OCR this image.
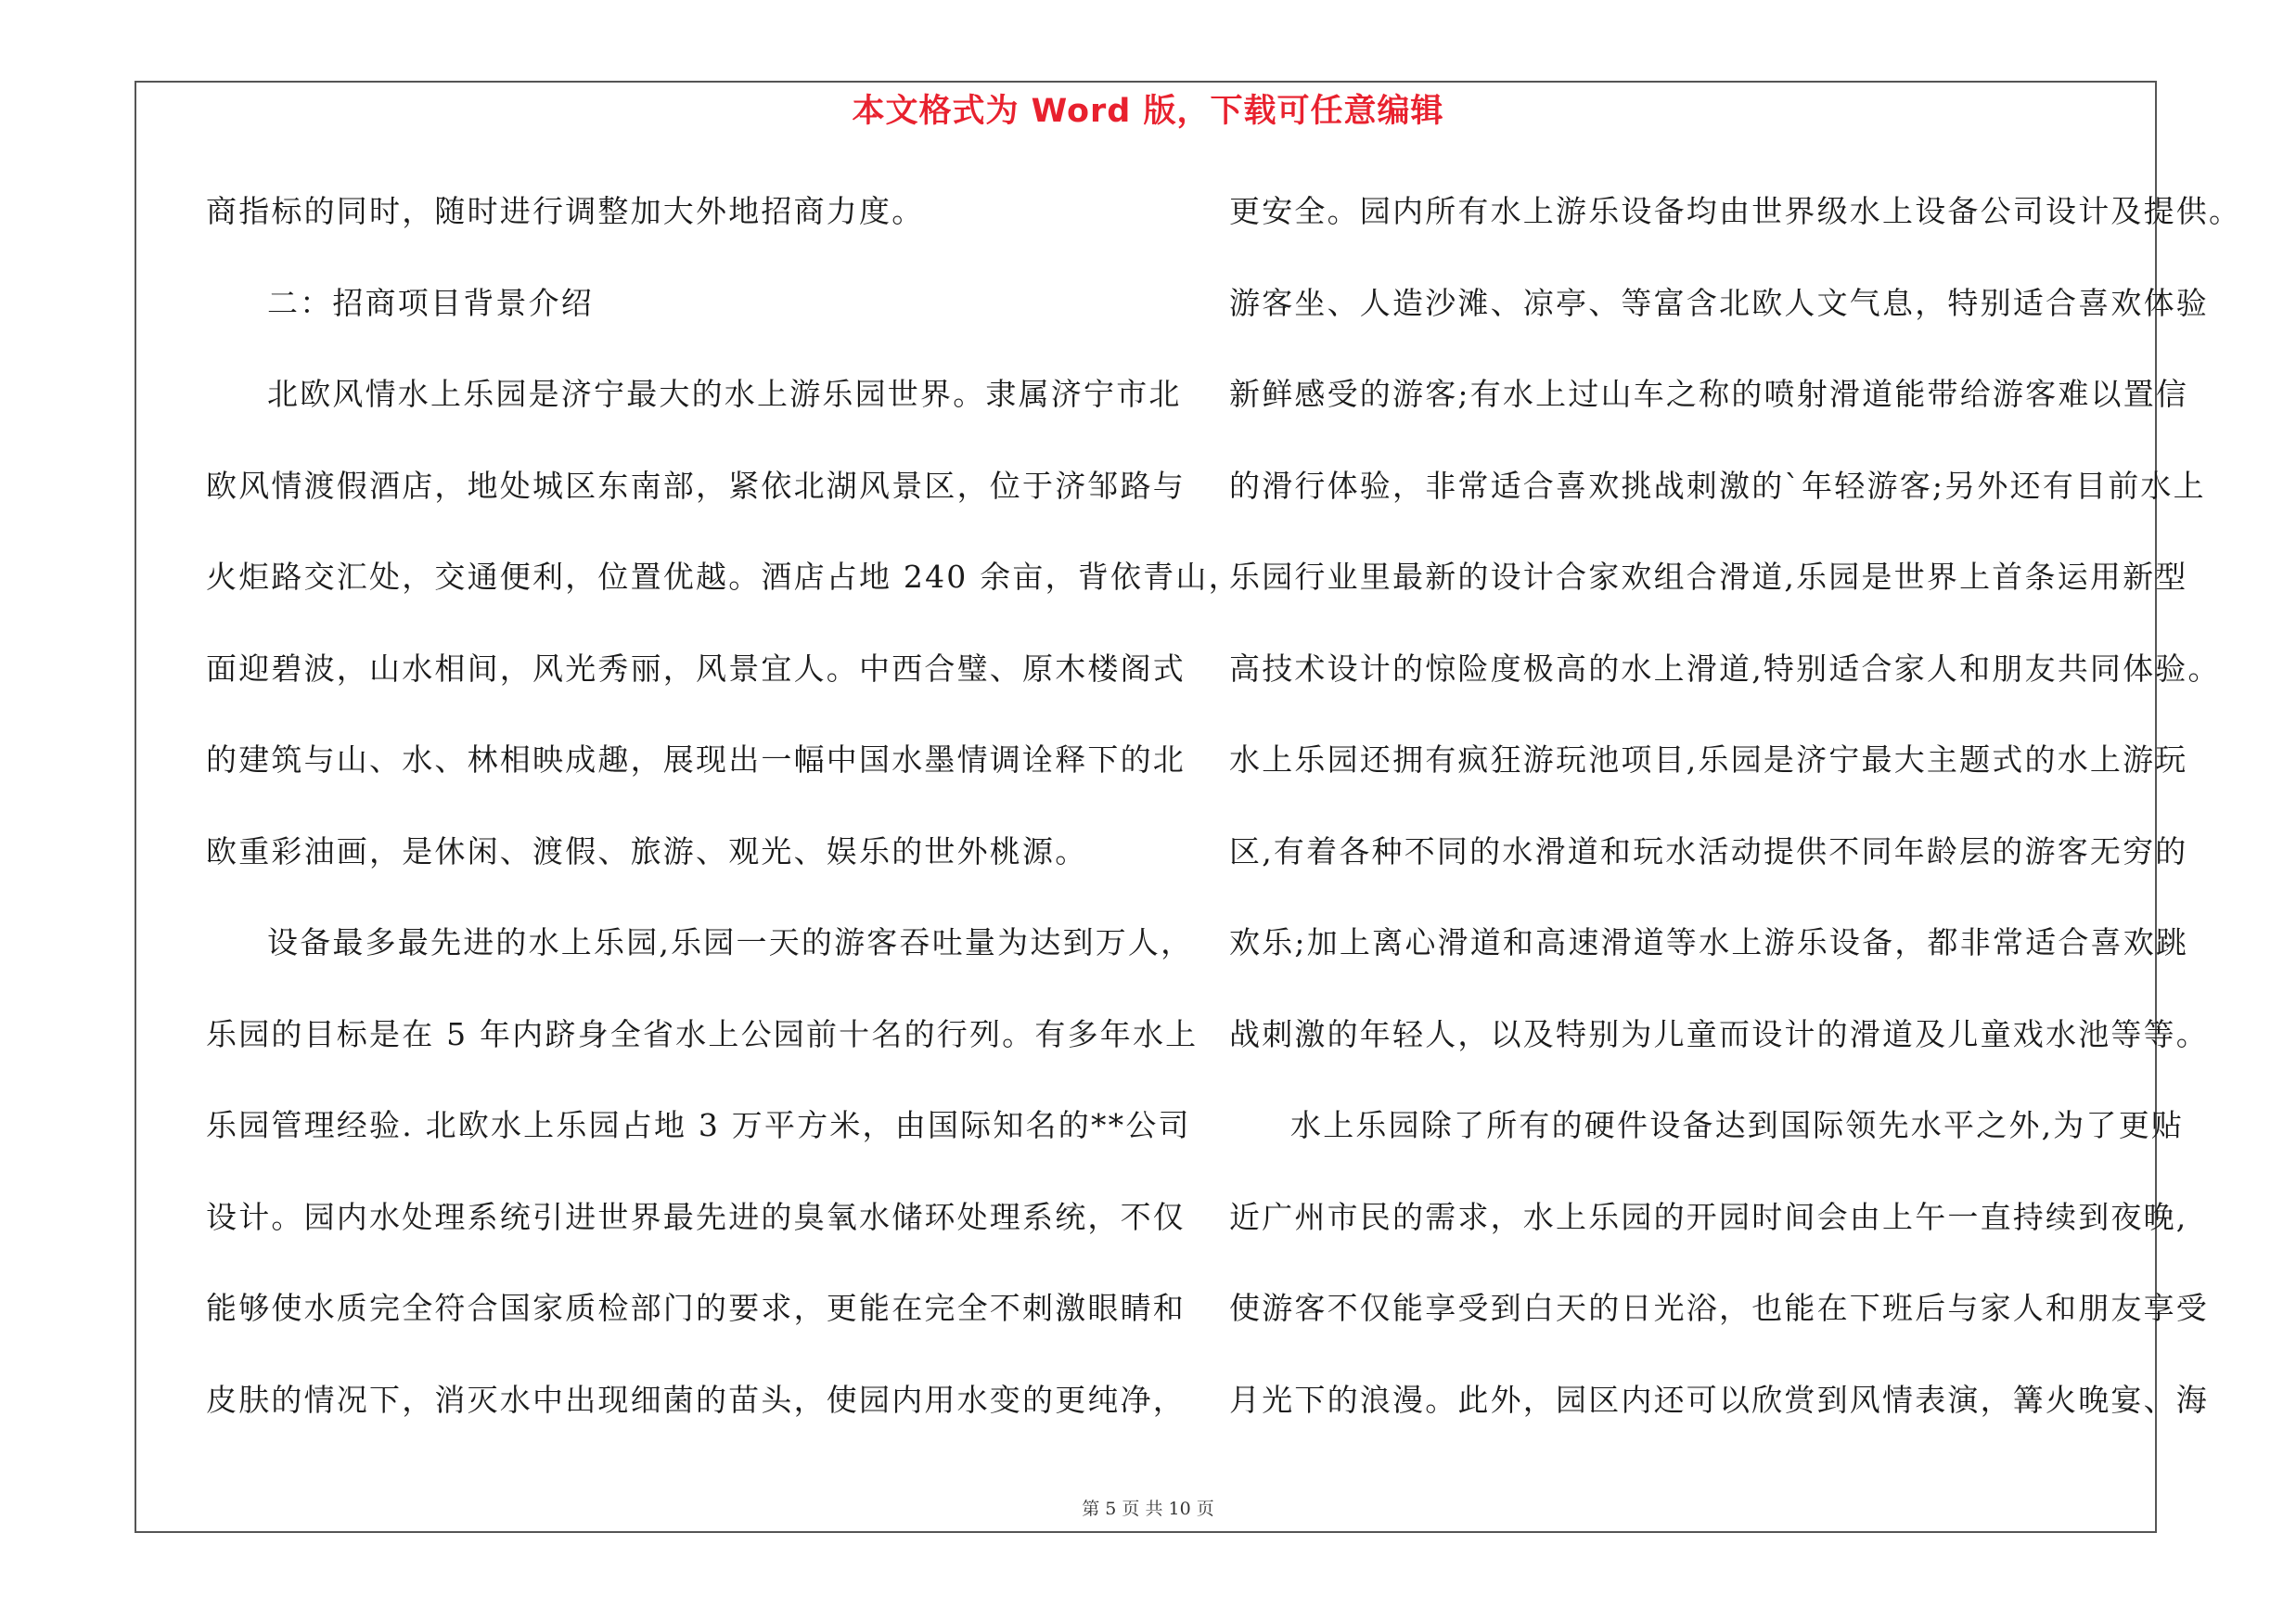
本文格式为 Word 版，下载可任意编辑
商指标的同时，随时进行调整加大外地招商力度。
二：招商项目背景介绍
北欧风情水上乐园是济宁最大的水上游乐园世界。隶属济宁市北
欧风情渡假酒店，地处城区东南部，紧依北湖风景区，位于济邹路与
火炬路交汇处，交通便利，位置优越。酒店占地 240 余亩，背依青山，
面迎碧波，山水相间，风光秀丽，风景宜人。中西合璧、原木楼阁式
的建筑与山、水、林相映成趣，展现出一幅中国水墨情调诠释下的北
欧重彩油画，是休闲、渡假、旅游、观光、娱乐的世外桃源。
设备最多最先进的水上乐园,乐园一天的游客吞吐量为达到万人，
乐园的目标是在 5 年内跻身全省水上公园前十名的行列。有多年水上
乐园管理经验. 北欧水上乐园占地 3 万平方米，由国际知名的**公司
设计。园内水处理系统引进世界最先进的臭氧水储环处理系统，不仅
能够使水质完全符合国家质检部门的要求，更能在完全不刺激眼睛和
皮肤的情况下，消灭水中出现细菌的苗头，使园内用水变的更纯净，
更安全。园内所有水上游乐设备均由世界级水上设备公司设计及提供。
游客坐、人造沙滩、凉亭、等富含北欧人文气息，特别适合喜欢体验
新鲜感受的游客;有水上过山车之称的喷射滑道能带给游客难以置信
的滑行体验，非常适合喜欢挑战刺激的`年轻游客;另外还有目前水上
乐园行业里最新的设计合家欢组合滑道,乐园是世界上首条运用新型
高技术设计的惊险度极高的水上滑道,特别适合家人和朋友共同体验。
水上乐园还拥有疯狂游玩池项目,乐园是济宁最大主题式的水上游玩
区,有着各种不同的水滑道和玩水活动提供不同年龄层的游客无穷的
欢乐;加上离心滑道和高速滑道等水上游乐设备，都非常适合喜欢跳
战刺激的年轻人，以及特别为儿童而设计的滑道及儿童戏水池等等。
水上乐园除了所有的硬件设备达到国际领先水平之外,为了更贴
近广州市民的需求，水上乐园的开园时间会由上午一直持续到夜晚,
使游客不仅能享受到白天的日光浴，也能在下班后与家人和朋友享受
月光下的浪漫。此外，园区内还可以欣赏到风情表演，篝火晚宴、海
第 5 页 共 10 页
